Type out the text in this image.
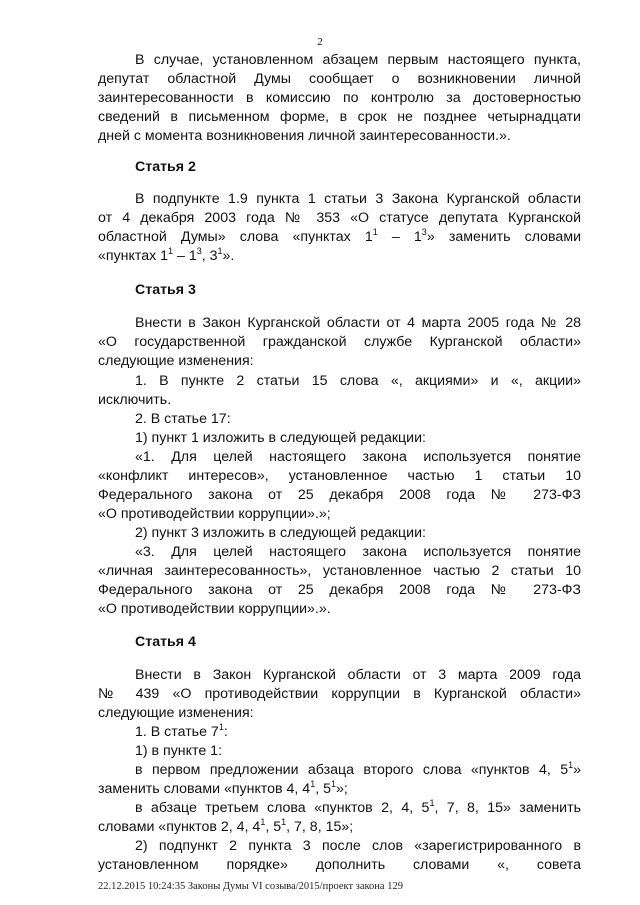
2
В случае, установленном абзацем первым настоящего пункта,
депутат областной Думы сообщает о возникновении личной
заинтересованности в комиссию по контролю за достоверностью
сведений в письменном форме, в срок не позднее четырнадцати
дней с момента возникновения личной заинтересованности.».
Статья 2
В подпункте 1.9 пункта 1 статьи 3 Закона Курганской области
от 4 декабря 2003 года № 353 «О статусе депутата Курганской
областной Думы» слова «пунктах $1^1 - 1^3$» заменить словами
«пунктах $1^1 - 1^3$, $3^1$».
Статья 3
Внести в Закон Курганской области от 4 марта 2005 года № 28
«О государственной гражданской службе Курганской области»
следующие изменения:
1. В пункте 2 статьи 15 слова «, акциями» и «, акции»
исключить.
2. В статье 17:
1) пункт 1 изложить в следующей редакции:
«1. Для целей настоящего закона используется понятие
«конфликт интересов», установленное частью 1 статьи 10
Федерального закона от 25 декабря 2008 года № 273-ФЗ
«О противодействии коррупции».»;
2) пункт 3 изложить в следующей редакции:
«3. Для целей настоящего закона используется понятие
«личная заинтересованность», установленное частью 2 статьи 10
Федерального закона от 25 декабря 2008 года № 273-ФЗ
«О противодействии коррупции».».
Статья 4
Внести в Закон Курганской области от 3 марта 2009 года
№ 439 «О противодействии коррупции в Курганской области»
следующие изменения:
1. В статье $7^1$:
1) в пункте 1:
в первом предложении абзаца второго слова «пунктов 4, $5^1$»
заменить словами «пунктов 4, $4^1$, $5^1$»;
в абзаце третьем слова «пунктов 2, 4, $5^1$, 7, 8, 15» заменить
словами «пунктов 2, 4, $4^1$, $5^1$, 7, 8, 15»;
2) подпункт 2 пункта 3 после слов «зарегистрированного в
установленном порядке» дополнить словами «, совета
22.12.2015 10:24:35 Законы Думы VI созыва/2015/проект закона 129
